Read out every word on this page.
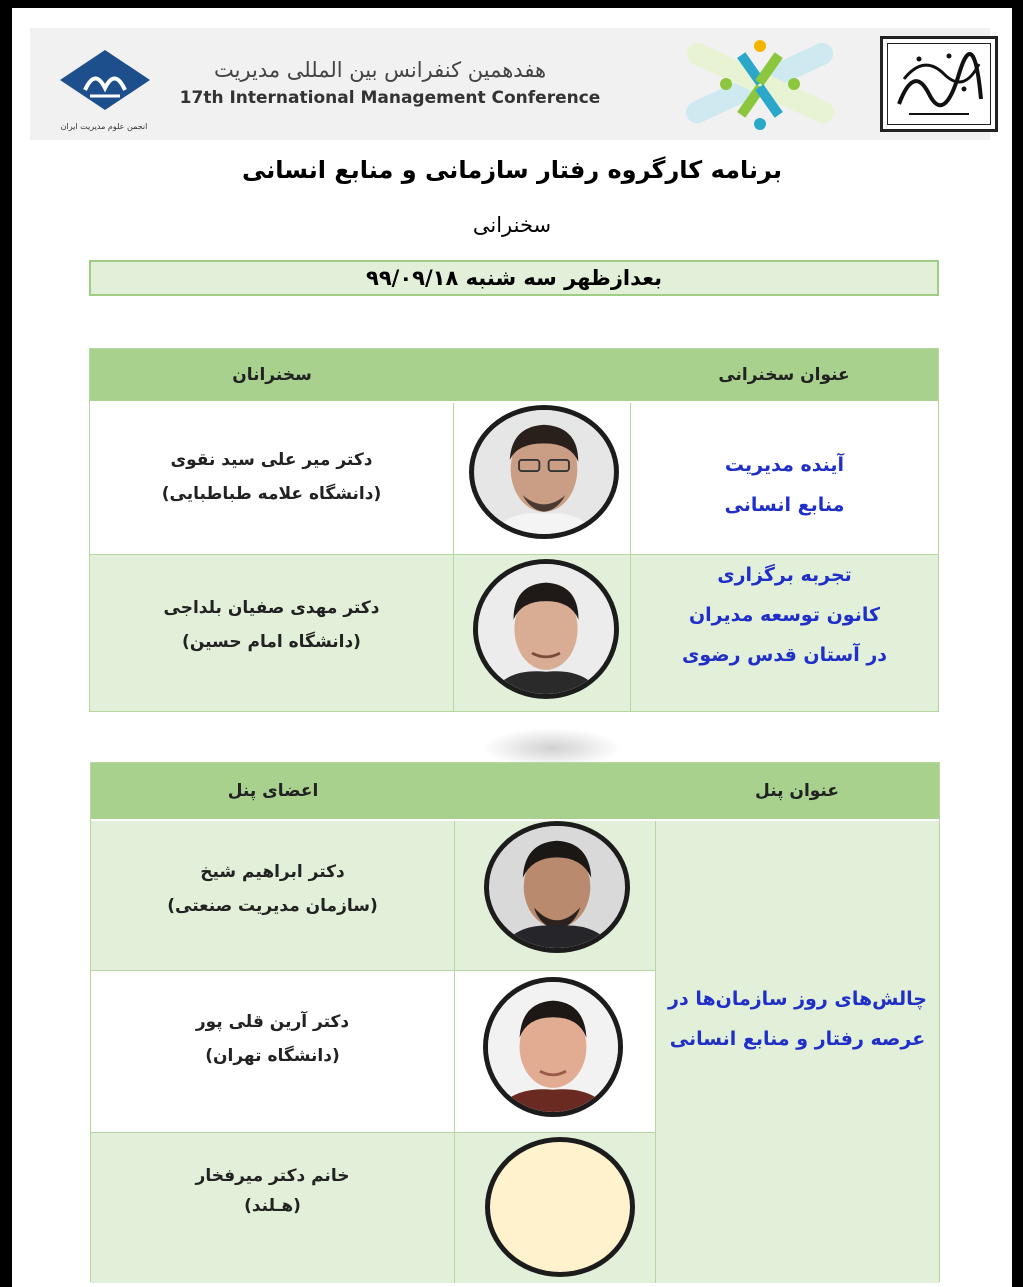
انجمن علوم مدیریت ایران
هفدهمین کنفرانس بین المللی مدیریت
17th International Management Conference
برنامه کارگروه رفتار سازمانی و منابع انسانی
سخنرانی
بعدازظهر سه شنبه ۹۹/۰۹/۱۸
عنوان سخنرانی
سخنرانان
دکتر میر علی سید نقوی
(دانشگاه علامه طباطبایی)
آینده مدیریت
منابع انسانی
دکتر مهدی صفیان بلداجی
(دانشگاه امام حسین)
تجربه برگزاری
کانون توسعه مدیران
در آستان قدس رضوی
عنوان پنل
اعضای پنل
چالش‌های روز سازمان‌ها در
عرصه رفتار و منابع انسانی
دکتر ابراهیم شیخ
(سازمان مدیریت صنعتی)
دکتر آرین قلی پور
(دانشگاه تهران)
خانم دکتر میرفخار
(هـلند)
